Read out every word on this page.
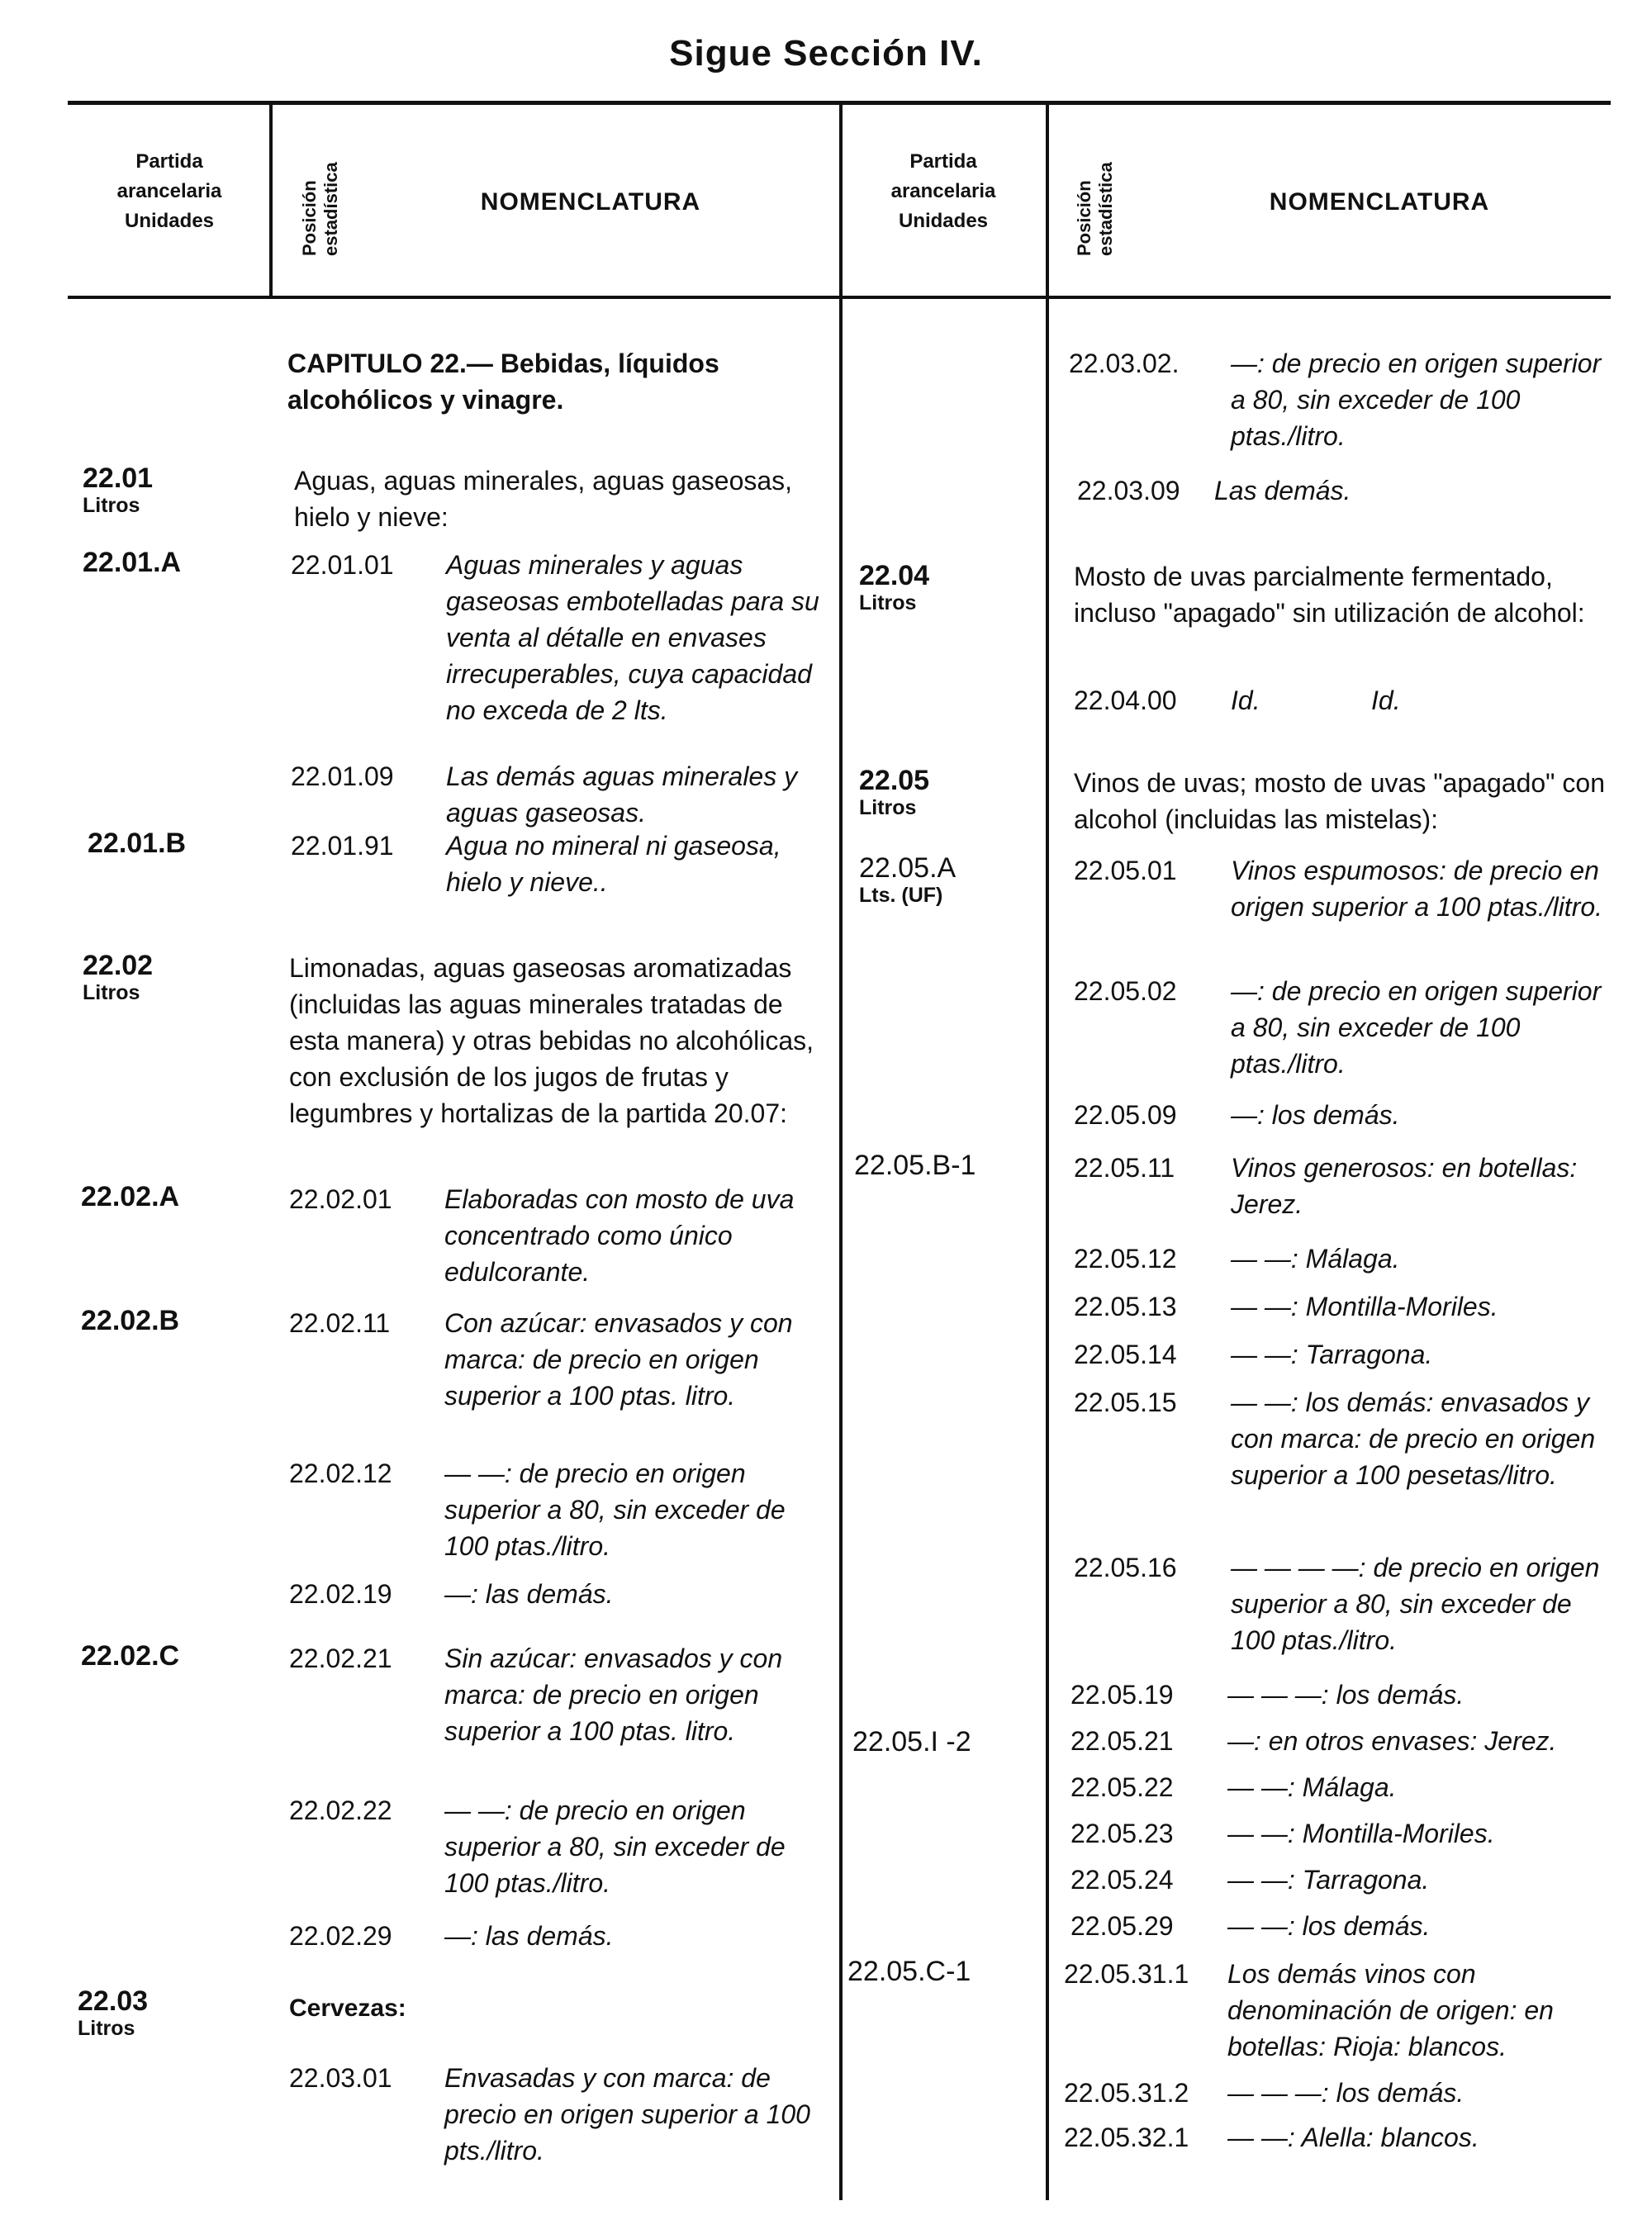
Sigue Sección IV.
Partida
arancelaria
Unidades	Posición estadística	NOMENCLATURA
Partida
arancelaria
Unidades	Posición estadística	NOMENCLATURA
CAPITULO 22.— Bebidas, líquidos alcohólicos y vinagre.
22.01
Litros
Aguas, aguas minerales, aguas gaseosas, hielo y nieve:
22.01.A	22.01.01 Aguas minerales y aguas gaseosas embotelladas para su venta al détalle en envases irrecuperables, cuya capacidad no exceda de 2 lts.
22.01.09 Las demás aguas minerales y aguas gaseosas.
22.01.B	22.01.91 Agua no mineral ni gaseosa, hielo y nieve..
22.02
Litros
Limonadas, aguas gaseosas aromatizadas (incluidas las aguas minerales tratadas de esta manera) y otras bebidas no alcohólicas, con exclusión de los jugos de frutas y legumbres y hortalizas de la partida 20.07:
22.02.A	22.02.01 Elaboradas con mosto de uva concentrado como único edulcorante.
22.02.B	22.02.11 Con azúcar: envasados y con marca: de precio en origen superior a 100 ptas. litro.
22.02.12 — —: de precio en origen superior a 80, sin exceder de 100 ptas./litro.
22.02.19 —: las demás.
22.02.C	22.02.21 Sin azúcar: envasados y con marca: de precio en origen superior a 100 ptas. litro.
22.02.22 — —: de precio en origen superior a 80, sin exceder de 100 ptas./litro.
22.02.29 —: las demás.
22.03
Litros
Cervezas:
22.03.01 Envasadas y con marca: de precio en origen superior a 100 pts./litro.
22.03.02. —: de precio en origen superior a 80, sin exceder de 100 ptas./litro.
22.03.09 Las demás.
22.04
Litros
Mosto de uvas parcialmente fermentado, incluso "apagado" sin utilización de alcohol:
22.04.00 Id.	Id.
22.05
Litros
Vinos de uvas; mosto de uvas "apagado" con alcohol (incluidas las mistelas):
22.05.A
Lts. (UF)
22.05.01 Vinos espumosos: de precio en origen superior a 100 ptas./litro.
22.05.02 —: de precio en origen superior a 80, sin exceder de 100 ptas./litro.
22.05.09 —: los demás.
22.05.B-1	22.05.11 Vinos generosos: en botellas: Jerez.
22.05.12 — —: Málaga.
22.05.13 — —: Montilla-Moriles.
22.05.14 — —: Tarragona.
22.05.15 — —: los demás: envasados y con marca: de precio en origen superior a 100 pesetas/litro.
22.05.16 — — — —: de precio en origen superior a 80, sin exceder de 100 ptas./litro.
22.05.19 — — —: los demás.
22.05.I -2	22.05.21 —: en otros envases: Jerez.
22.05.22 — —: Málaga.
22.05.23 — —: Montilla-Moriles.
22.05.24 — —: Tarragona.
22.05.29 — —: los demás.
22.05.C-1	22.05.31.1 Los demás vinos con denominación de origen: en botellas: Rioja: blancos.
22.05.31.2 — — —: los demás.
22.05.32.1 — —: Alella: blancos.
